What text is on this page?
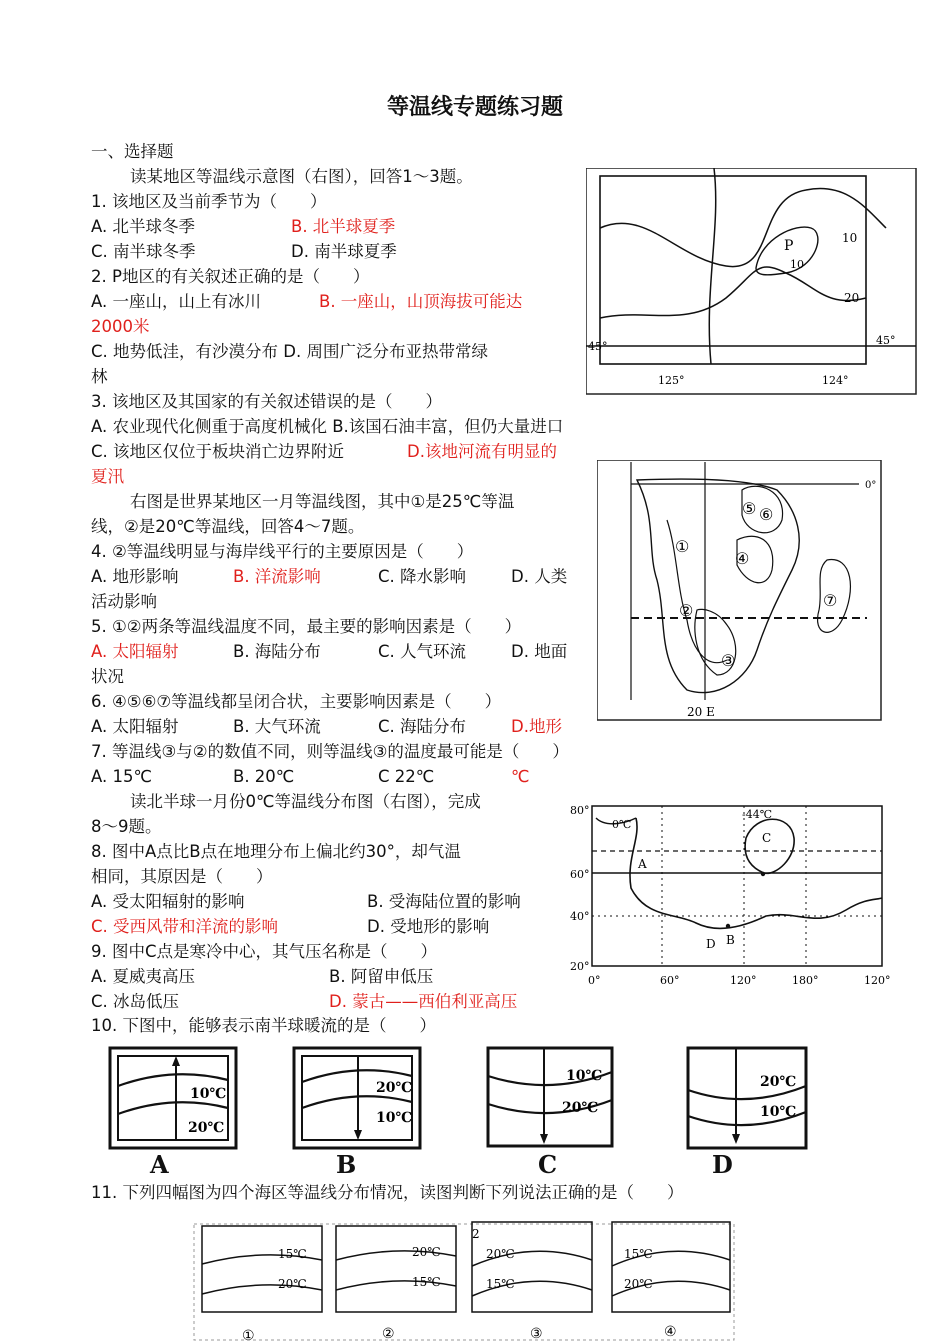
等温线专题练习题
一、选择题
读某地区等温线示意图（右图），回答1～3题。
1. 该地区及当前季节为（　　）
A. 北半球冬季	B. 北半球夏季
C. 南半球冬季	D. 南半球夏季
2. P地区的有关叙述正确的是（　　）
A. 一座山，山上有冰川	B. 一座山，山顶海拔可能达
2000米
C. 地势低洼，有沙漠分布 D. 周围广泛分布亚热带常绿
林
3. 该地区及其国家的有关叙述错误的是（　　）
A. 农业现代化侧重于高度机械化 B.该国石油丰富，但仍大量进口
C. 该地区仅位于板块消亡边界附近	D.该地河流有明显的
夏汛
右图是世界某地区一月等温线图，其中①是25℃等温
线，②是20℃等温线，回答4～7题。
4. ②等温线明显与海岸线平行的主要原因是（　　）
A. 地形影响	B. 洋流影响	C. 降水影响	D. 人类
活动影响
5. ①②两条等温线温度不同，最主要的影响因素是（　　）
A. 太阳辐射	B. 海陆分布	C. 人气环流	D. 地面
状况
6. ④⑤⑥⑦等温线都呈闭合状，主要影响因素是（　　）
A. 太阳辐射	B. 大气环流	C. 海陆分布	D.地形
7. 等温线③与②的数值不同，则等温线③的温度最可能是（　　）
A. 15℃	B. 20℃	C 22℃	℃
读北半球一月份0℃等温线分布图（右图），完成
8～9题。
8. 图中A点比B点在地理分布上偏北约30°，却气温
相同，其原因是（　　）
A. 受太阳辐射的影响	B. 受海陆位置的影响
C. 受西风带和洋流的影响	D. 受地形的影响
9. 图中C点是寒冷中心，其气压名称是（　　）
A. 夏威夷高压	B. 阿留申低压
C. 冰岛低压	D. 蒙古——西伯利亚高压
10. 下图中，能够表示南半球暖流的是（　　）
11. 下列四幅图为四个海区等温线分布情况，读图判断下列说法正确的是（　　）
10
20
P
10
45°	45°
125°	124°
①
②
③
④
⑤ ⑥
⑦
0°
20 E
80°
60°
40°
20°
0°	60°	120°	180°	120°
0℃
-44℃
A
B
C
D
10℃
20℃
A
20℃
10℃
B
10℃
20℃
C
20℃
10℃
D
15℃
20℃
20℃
15℃
20℃
15℃
15℃
20℃
2
①	②	③	④
